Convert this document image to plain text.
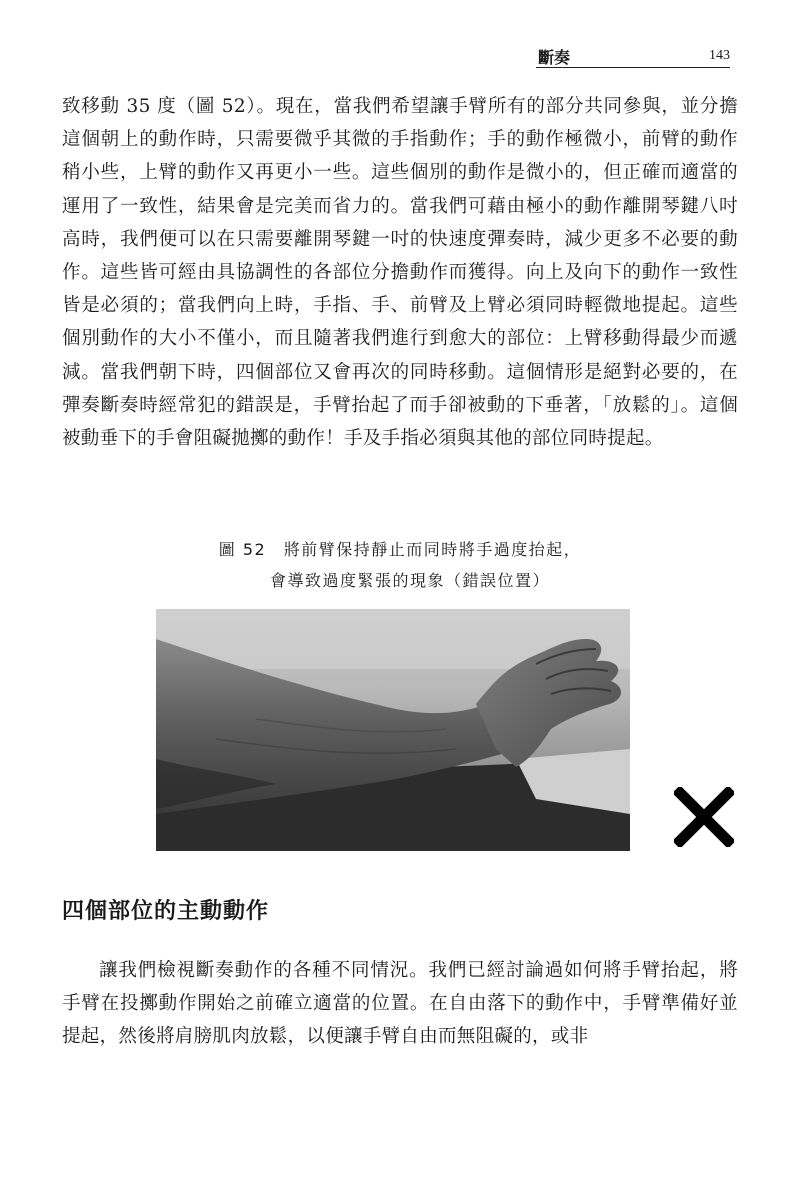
斷奏	143
致移動 35 度（圖 52）。現在，當我們希望讓手臂所有的部分共同參與，並分擔這個朝上的動作時，只需要微乎其微的手指動作；手的動作極微小，前臂的動作稍小些，上臂的動作又再更小一些。這些個別的動作是微小的，但正確而適當的運用了一致性，結果會是完美而省力的。當我們可藉由極小的動作離開琴鍵八吋高時，我們便可以在只需要離開琴鍵一吋的快速度彈奏時，減少更多不必要的動作。這些皆可經由具協調性的各部位分擔動作而獲得。向上及向下的動作一致性皆是必須的；當我們向上時，手指、手、前臂及上臂必須同時輕微地提起。這些個別動作的大小不僅小，而且隨著我們進行到愈大的部位：上臂移動得最少而遞減。當我們朝下時，四個部位又會再次的同時移動。這個情形是絕對必要的，在彈奏斷奏時經常犯的錯誤是，手臂抬起了而手卻被動的下垂著，「放鬆的」。這個被動垂下的手會阻礙拋擲的動作！手及手指必須與其他的部位同時提起。
圖 52　將前臂保持靜止而同時將手過度抬起，
會導致過度緊張的現象（錯誤位置）
四個部位的主動動作
讓我們檢視斷奏動作的各種不同情況。我們已經討論過如何將手臂抬起，將手臂在投擲動作開始之前確立適當的位置。在自由落下的動作中，手臂準備好並提起，然後將肩膀肌肉放鬆，以便讓手臂自由而無阻礙的，或非
